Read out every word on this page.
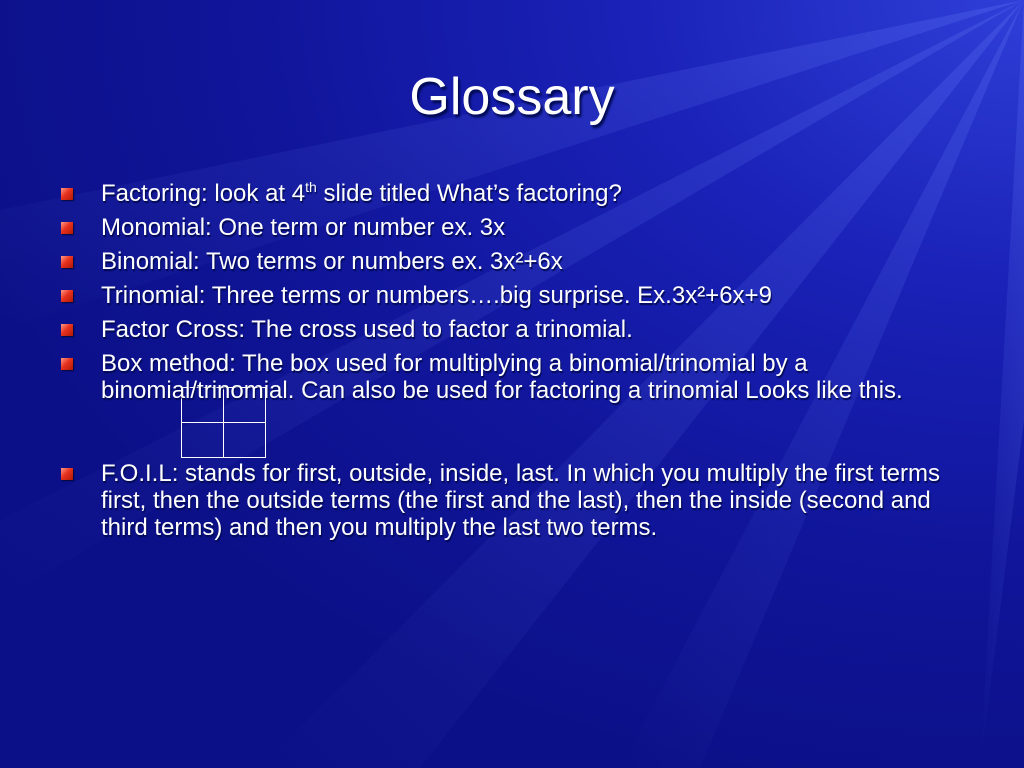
Glossary
Factoring: look at 4th slide titled What’s factoring?
Monomial: One term or number ex. 3x
Binomial: Two terms or numbers ex. 3x²+6x
Trinomial: Three terms or numbers….big surprise. Ex.3x²+6x+9
Factor Cross: The cross used to factor a trinomial.
Box method: The box used for multiplying a binomial/trinomial by a binomial/trinomial. Can also be used for factoring a trinomial Looks like this.
F.O.I.L: stands for first, outside, inside, last. In which you multiply the first terms first, then the outside terms (the first and the last), then the inside (second and third terms) and then you multiply the last two terms.
